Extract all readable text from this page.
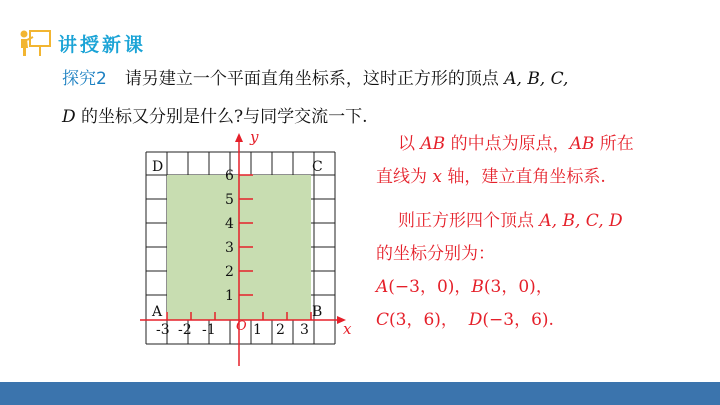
讲授新课
探究2 请另建立一个平面直角坐标系，这时正方形的顶点 A, B, C,
D 的坐标又分别是什么?与同学交流一下.
y
x
O
6
5
4
3
2
1
-3 -2 -1	1 2 3
D	C
A	B

以 AB 的中点为原点，AB 所在

直线为 x 轴，建立直角坐标系.

则正方形四个顶点 A, B, C, D

的坐标分别为：

A(−3，0)，B(3，0)，

C(3，6)， D(−3，6).
